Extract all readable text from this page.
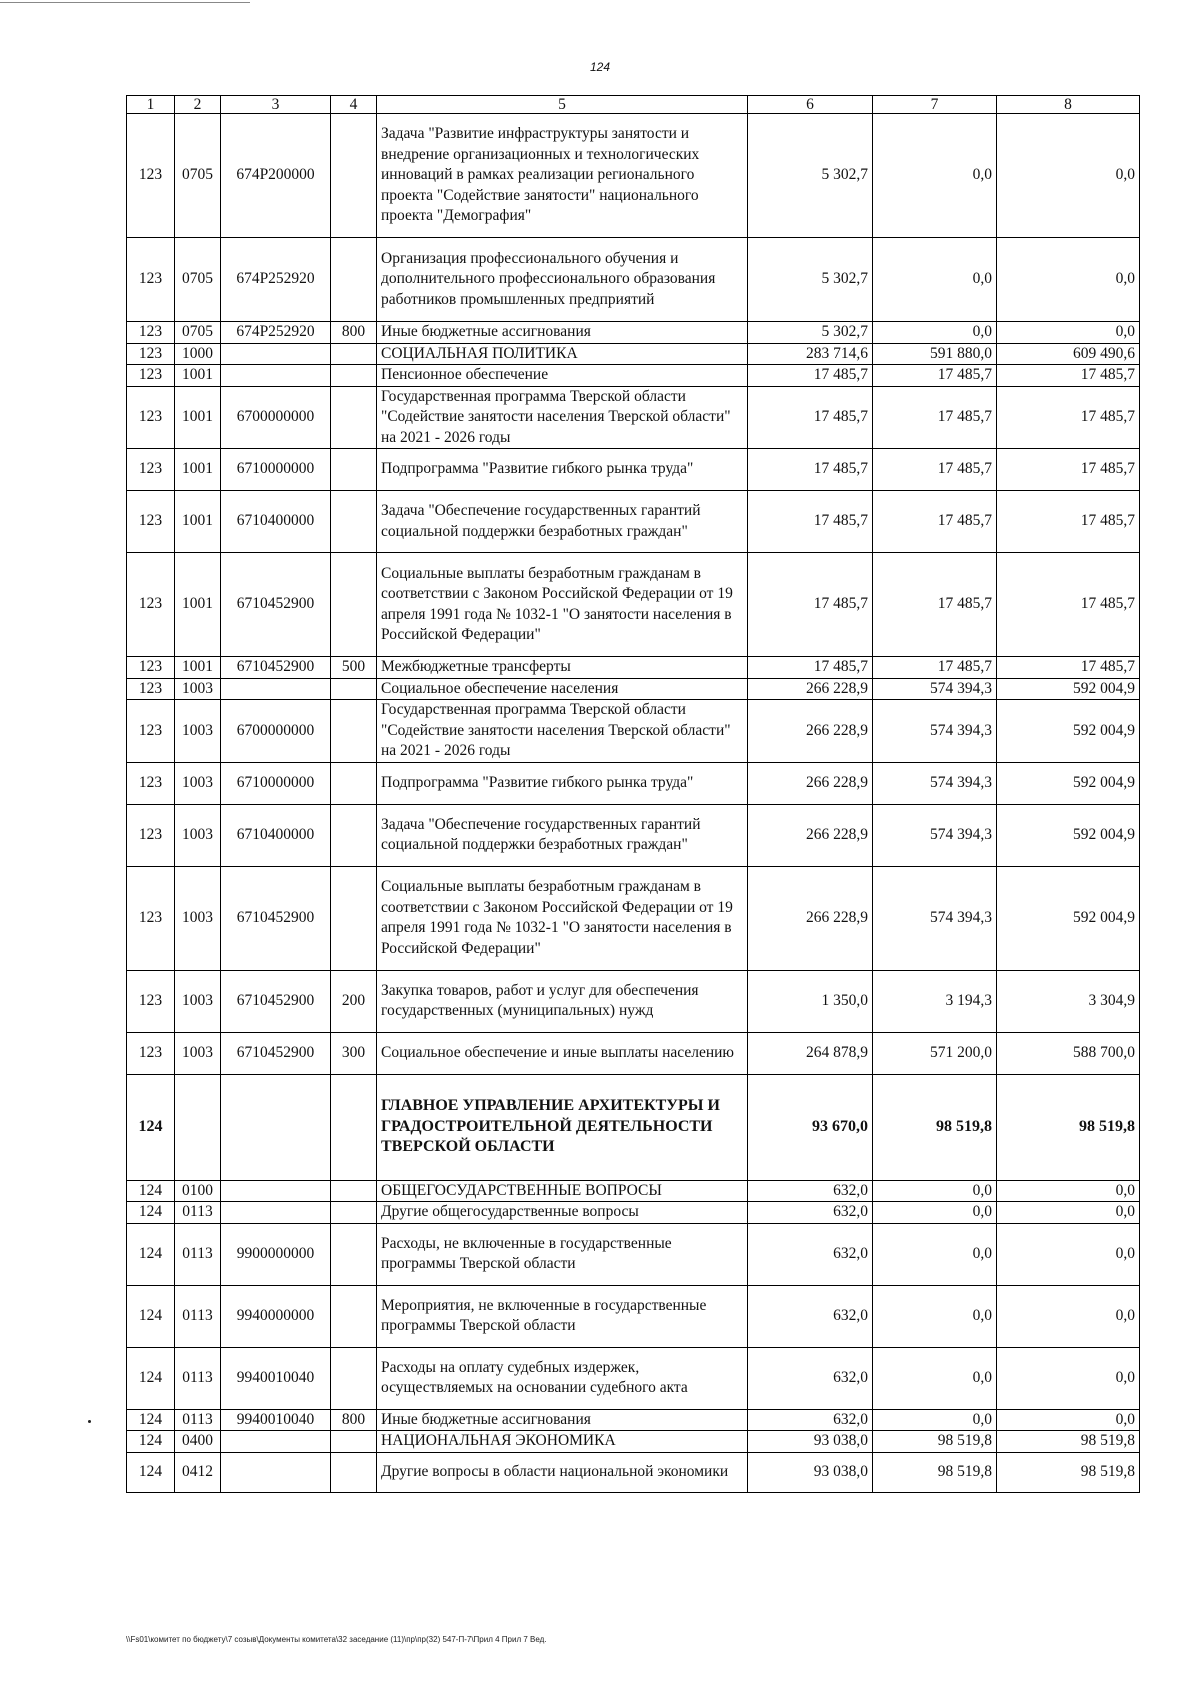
124
1	2	3	4	5	6	7	8
123	0705	674P200000		Задача "Развитие инфраструктуры занятости и внедрение организационных и технологических инноваций в рамках реализации регионального проекта "Содействие занятости" национального проекта "Демография"	5 302,7	0,0	0,0
123	0705	674P252920		Организация профессионального обучения и дополнительного профессионального образования работников промышленных предприятий	5 302,7	0,0	0,0
123	0705	674P252920	800	Иные бюджетные ассигнования	5 302,7	0,0	0,0
123	1000			СОЦИАЛЬНАЯ ПОЛИТИКА	283 714,6	591 880,0	609 490,6
123	1001			Пенсионное обеспечение	17 485,7	17 485,7	17 485,7
123	1001	6700000000		Государственная программа Тверской области "Содействие занятости населения Тверской области" на 2021 - 2026 годы	17 485,7	17 485,7	17 485,7
123	1001	6710000000		Подпрограмма "Развитие гибкого рынка труда"	17 485,7	17 485,7	17 485,7
123	1001	6710400000		Задача "Обеспечение государственных гарантий социальной поддержки безработных граждан"	17 485,7	17 485,7	17 485,7
123	1001	6710452900		Социальные выплаты безработным гражданам в соответствии с Законом Российской Федерации от 19 апреля 1991 года № 1032-1 "О занятости населения в Российской Федерации"	17 485,7	17 485,7	17 485,7
123	1001	6710452900	500	Межбюджетные трансферты	17 485,7	17 485,7	17 485,7
123	1003			Социальное обеспечение населения	266 228,9	574 394,3	592 004,9
123	1003	6700000000		Государственная программа Тверской области "Содействие занятости населения Тверской области" на 2021 - 2026 годы	266 228,9	574 394,3	592 004,9
123	1003	6710000000		Подпрограмма "Развитие гибкого рынка труда"	266 228,9	574 394,3	592 004,9
123	1003	6710400000		Задача "Обеспечение государственных гарантий социальной поддержки безработных граждан"	266 228,9	574 394,3	592 004,9
123	1003	6710452900		Социальные выплаты безработным гражданам в соответствии с Законом Российской Федерации от 19 апреля 1991 года № 1032-1 "О занятости населения в Российской Федерации"	266 228,9	574 394,3	592 004,9
123	1003	6710452900	200	Закупка товаров, работ и услуг для обеспечения государственных (муниципальных) нужд	1 350,0	3 194,3	3 304,9
123	1003	6710452900	300	Социальное обеспечение и иные выплаты населению	264 878,9	571 200,0	588 700,0
124				ГЛАВНОЕ УПРАВЛЕНИЕ АРХИТЕКТУРЫ И ГРАДОСТРОИТЕЛЬНОЙ ДЕЯТЕЛЬНОСТИ ТВЕРСКОЙ ОБЛАСТИ	93 670,0	98 519,8	98 519,8
124	0100			ОБЩЕГОСУДАРСТВЕННЫЕ ВОПРОСЫ	632,0	0,0	0,0
124	0113			Другие общегосударственные вопросы	632,0	0,0	0,0
124	0113	9900000000		Расходы, не включенные в государственные программы Тверской области	632,0	0,0	0,0
124	0113	9940000000		Мероприятия, не включенные в государственные программы Тверской области	632,0	0,0	0,0
124	0113	9940010040		Расходы на оплату судебных издержек, осуществляемых на основании судебного акта	632,0	0,0	0,0
124	0113	9940010040	800	Иные бюджетные ассигнования	632,0	0,0	0,0
124	0400			НАЦИОНАЛЬНАЯ ЭКОНОМИКА	93 038,0	98 519,8	98 519,8
124	0412			Другие вопросы в области национальной экономики	93 038,0	98 519,8	98 519,8
\\Fs01\комитет по бюджету\7 созыв\Документы комитета\32 заседание (11)\пр\пр(32) 547-П-7\Прил 4 Прил 7 Вед.
